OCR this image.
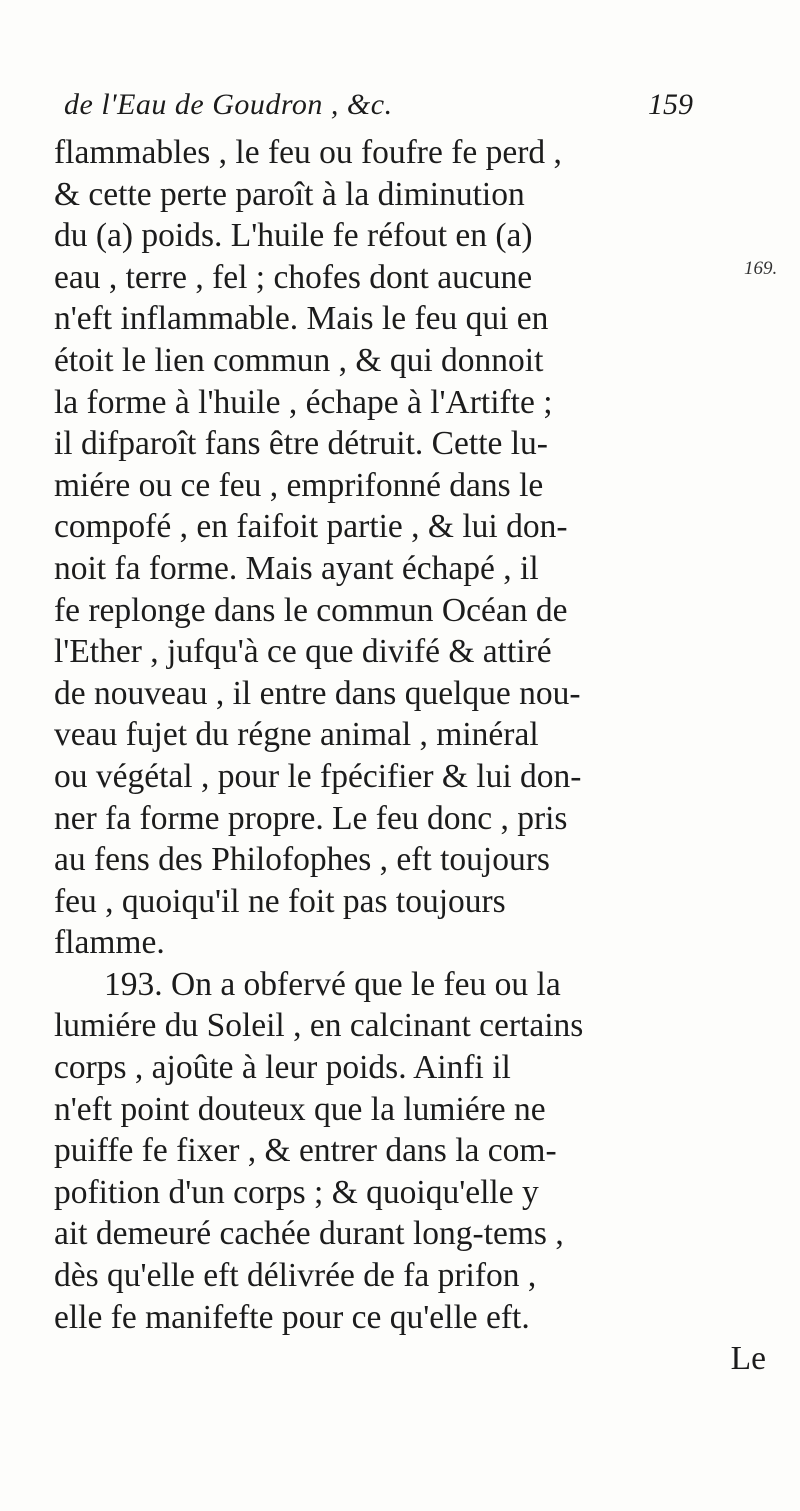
de l'Eau de Goudron , &c.	159
169.
flammables , le feu ou foufre fe perd ,
& cette perte paroît à la diminution
du (a) poids. L'huile fe réfout en (a)
eau , terre , fel ; chofes dont aucune
n'eft inflammable. Mais le feu qui en
étoit le lien commun , & qui donnoit
la forme à l'huile , échape à l'Artifte ;
il difparoît fans être détruit. Cette lu-
miére ou ce feu , emprifonné dans le
compofé , en faifoit partie , & lui don-
noit fa forme. Mais ayant échapé , il
fe replonge dans le commun Océan de
l'Ether , jufqu'à ce que divifé & attiré
de nouveau , il entre dans quelque nou-
veau fujet du régne animal , minéral
ou végétal , pour le fpécifier & lui don-
ner fa forme propre. Le feu donc , pris
au fens des Philofophes , eft toujours
feu , quoiqu'il ne foit pas toujours
flamme.
193. On a obfervé que le feu ou la
lumiére du Soleil , en calcinant certains
corps , ajoûte à leur poids. Ainfi il
n'eft point douteux que la lumiére ne
puiffe fe fixer , & entrer dans la com-
pofition d'un corps ; & quoiqu'elle y
ait demeuré cachée durant long-tems ,
dès qu'elle eft délivrée de fa prifon ,
elle fe manifefte pour ce qu'elle eft.
Le
